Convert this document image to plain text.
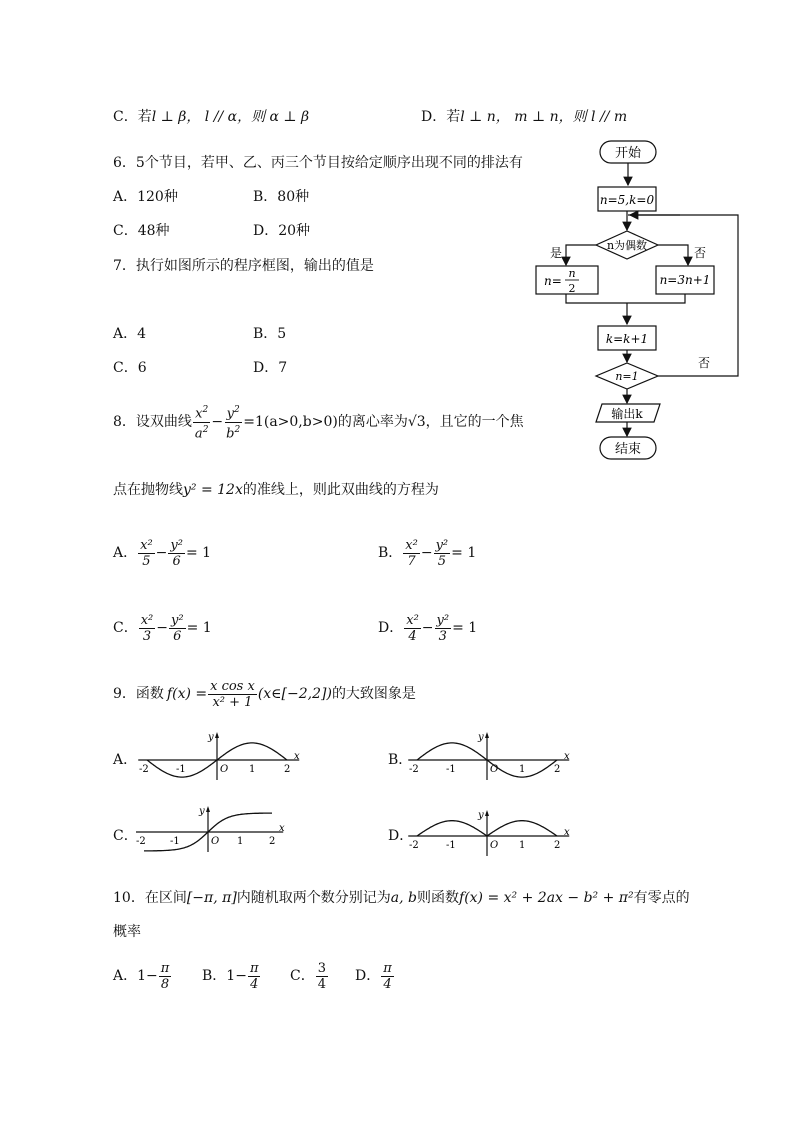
C．若l ⊥ β， l // α，则 α ⊥ β	D．若l ⊥ n， m ⊥ n，则 l // m
6．5个节目，若甲、乙、丙三个节目按给定顺序出现不同的排法有
A．120种	B．80种
C．48种	D．20种
7．执行如图所示的程序框图，输出的值是
A．4	B．5
C．6	D．7
开始
n=5,k=0
n为偶数
是	否
n=
n
2
n=3n+1
k=k+1
n=1
否
输出k
结束
8．设双曲线 $\frac{x^2}{a^2} - \frac{y^2}{b^2} =1(a>0,b>0)$的离心率为 √3 ，且它的一个焦
点在抛物线y² = 12x的准线上，则此双曲线的方程为
A． $\frac{\text{x²}}{5} - \frac{\text{y²}}{6} = 1$	B． $\frac{\text{x²}}{7} - \frac{\text{y²}}{5} = 1$
C． $\frac{\text{x²}}{3} - \frac{\text{y²}}{6} = 1$	D． $\frac{\text{x²}}{4} - \frac{\text{y²}}{3} = 1$
9．函数 $f(x) = \frac{\text{x cos x}}{\text{x² + 1}}$ (x∈[−2,2]) 的大致图象是
A．
-2	-1	O 1	2
x
y
B．
-2	-1	O 1	2
x
y
C．
-2 -1	O 1	2
x
y
D．
-2	-1	O 1	2
x
y
10．在区间[−π, π]内随机取两个数分别记为a, b则函数f(x) = x² + 2ax − b² + π²有零点的
概率
A．$1- \frac{\pi}{8}$ B．$1- \frac{\pi}{4}$ C． $\frac{3}{4}$ D． $\frac{\pi}{4}$
